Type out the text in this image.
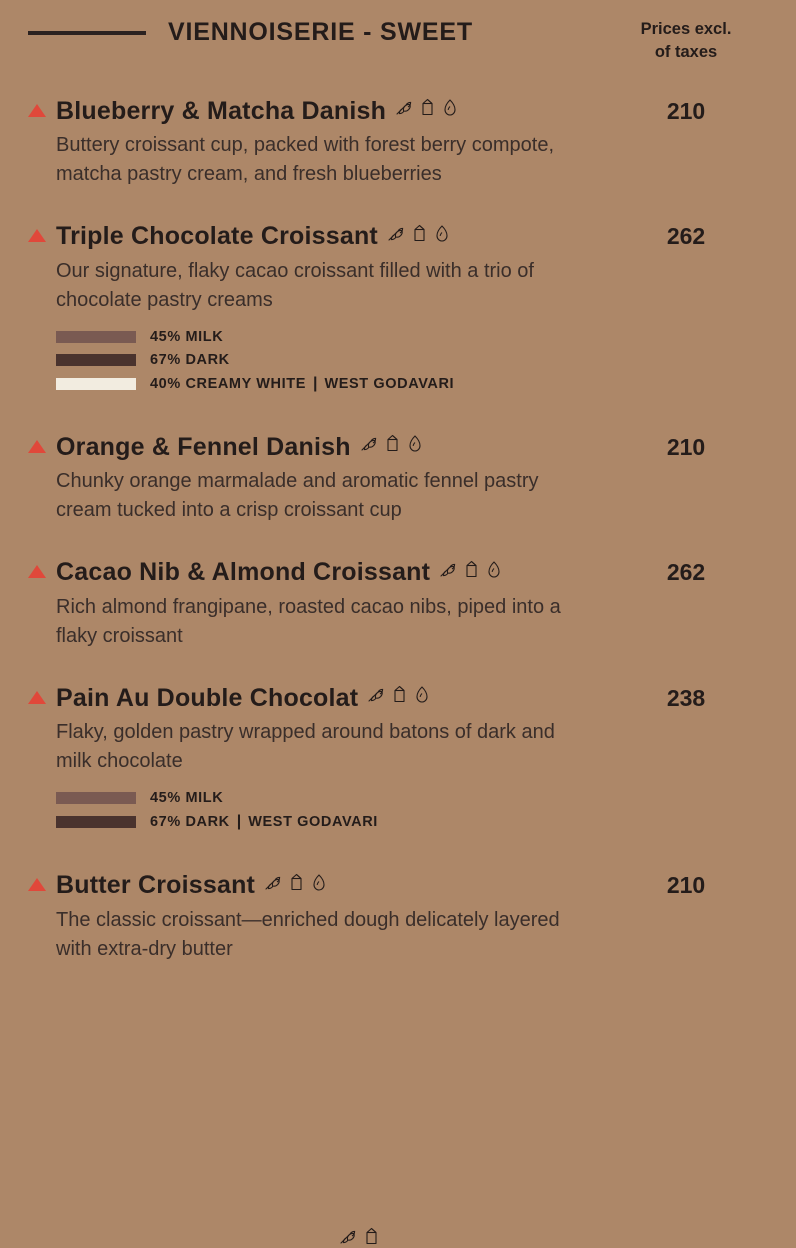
VIENNOISERIE - SWEET	Prices excl.
of taxes
Blueberry & Matcha Danish
Buttery croissant cup, packed with forest berry compote, matcha pastry cream, and fresh blueberries
210
Triple Chocolate Croissant
Our signature, flaky cacao croissant filled with a trio of chocolate pastry creams
45% MILK
67% DARK
40% CREAMY WHITE | WEST GODAVARI
262
Orange & Fennel Danish
Chunky orange marmalade and aromatic fennel pastry cream tucked into a crisp croissant cup
210
Cacao Nib & Almond Croissant
Rich almond frangipane, roasted cacao nibs, piped into a flaky croissant
262
Pain Au Double Chocolat
Flaky, golden pastry wrapped around batons of dark and milk chocolate
45% MILK
67% DARK | WEST GODAVARI
238
Butter Croissant
The classic croissant—enriched dough delicately layered with extra-dry butter
210
